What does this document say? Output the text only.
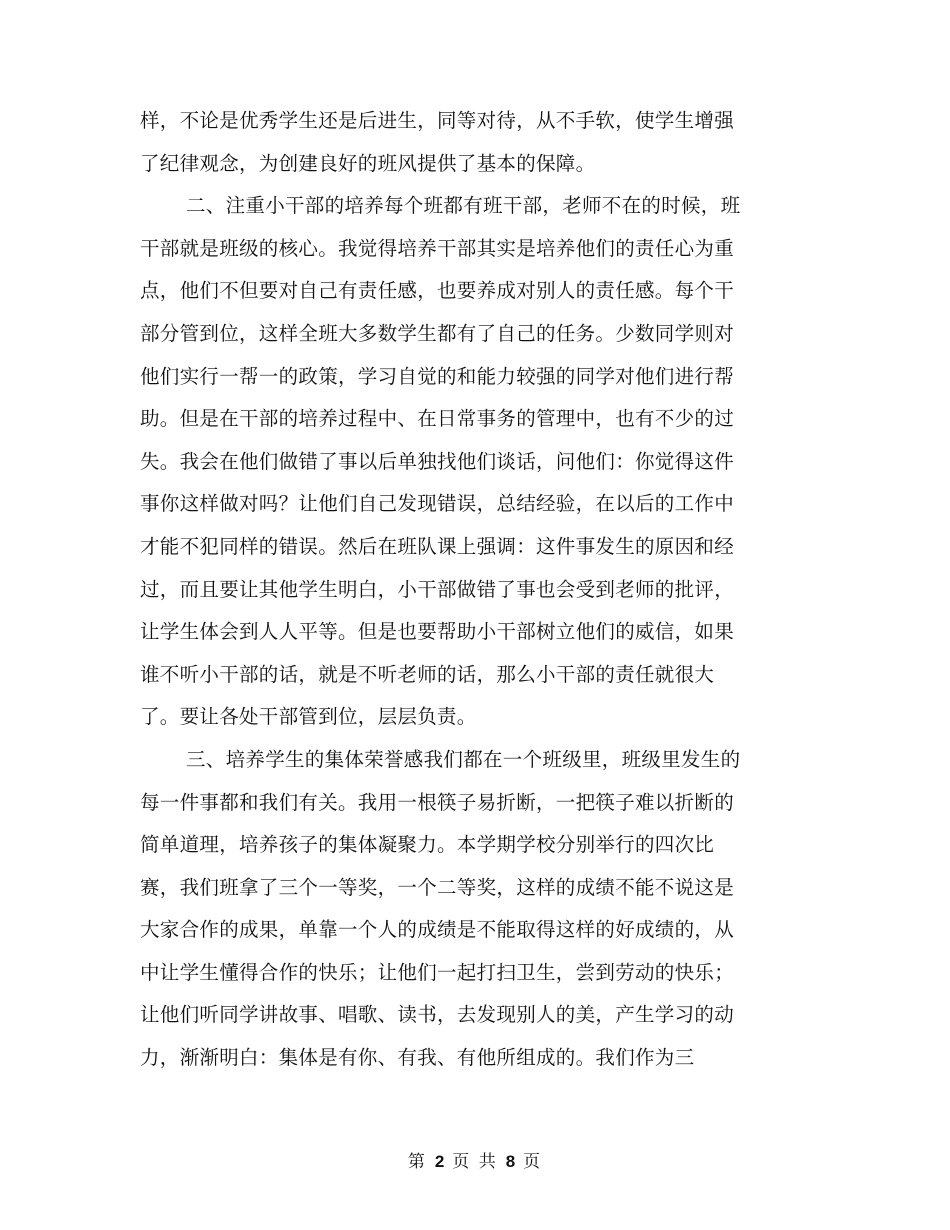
样，不论是优秀学生还是后进生，同等对待，从不手软，使学生增强
了纪律观念，为创建良好的班风提供了基本的保障。
二、注重小干部的培养每个班都有班干部，老师不在的时候，班
干部就是班级的核心。我觉得培养干部其实是培养他们的责任心为重
点，他们不但要对自己有责任感，也要养成对别人的责任感。每个干
部分管到位，这样全班大多数学生都有了自己的任务。少数同学则对
他们实行一帮一的政策，学习自觉的和能力较强的同学对他们进行帮
助。但是在干部的培养过程中、在日常事务的管理中，也有不少的过
失。我会在他们做错了事以后单独找他们谈话，问他们：你觉得这件
事你这样做对吗？让他们自己发现错误，总结经验，在以后的工作中
才能不犯同样的错误。然后在班队课上强调：这件事发生的原因和经
过，而且要让其他学生明白，小干部做错了事也会受到老师的批评，
让学生体会到人人平等。但是也要帮助小干部树立他们的威信，如果
谁不听小干部的话，就是不听老师的话，那么小干部的责任就很大
了。要让各处干部管到位，层层负责。
三、培养学生的集体荣誉感我们都在一个班级里，班级里发生的
每一件事都和我们有关。我用一根筷子易折断，一把筷子难以折断的
简单道理，培养孩子的集体凝聚力。本学期学校分别举行的四次比
赛，我们班拿了三个一等奖，一个二等奖，这样的成绩不能不说这是
大家合作的成果，单靠一个人的成绩是不能取得这样的好成绩的，从
中让学生懂得合作的快乐；让他们一起打扫卫生，尝到劳动的快乐；
让他们听同学讲故事、唱歌、读书，去发现别人的美，产生学习的动
力，渐渐明白：集体是有你、有我、有他所组成的。我们作为三
第 2 页 共 8 页
